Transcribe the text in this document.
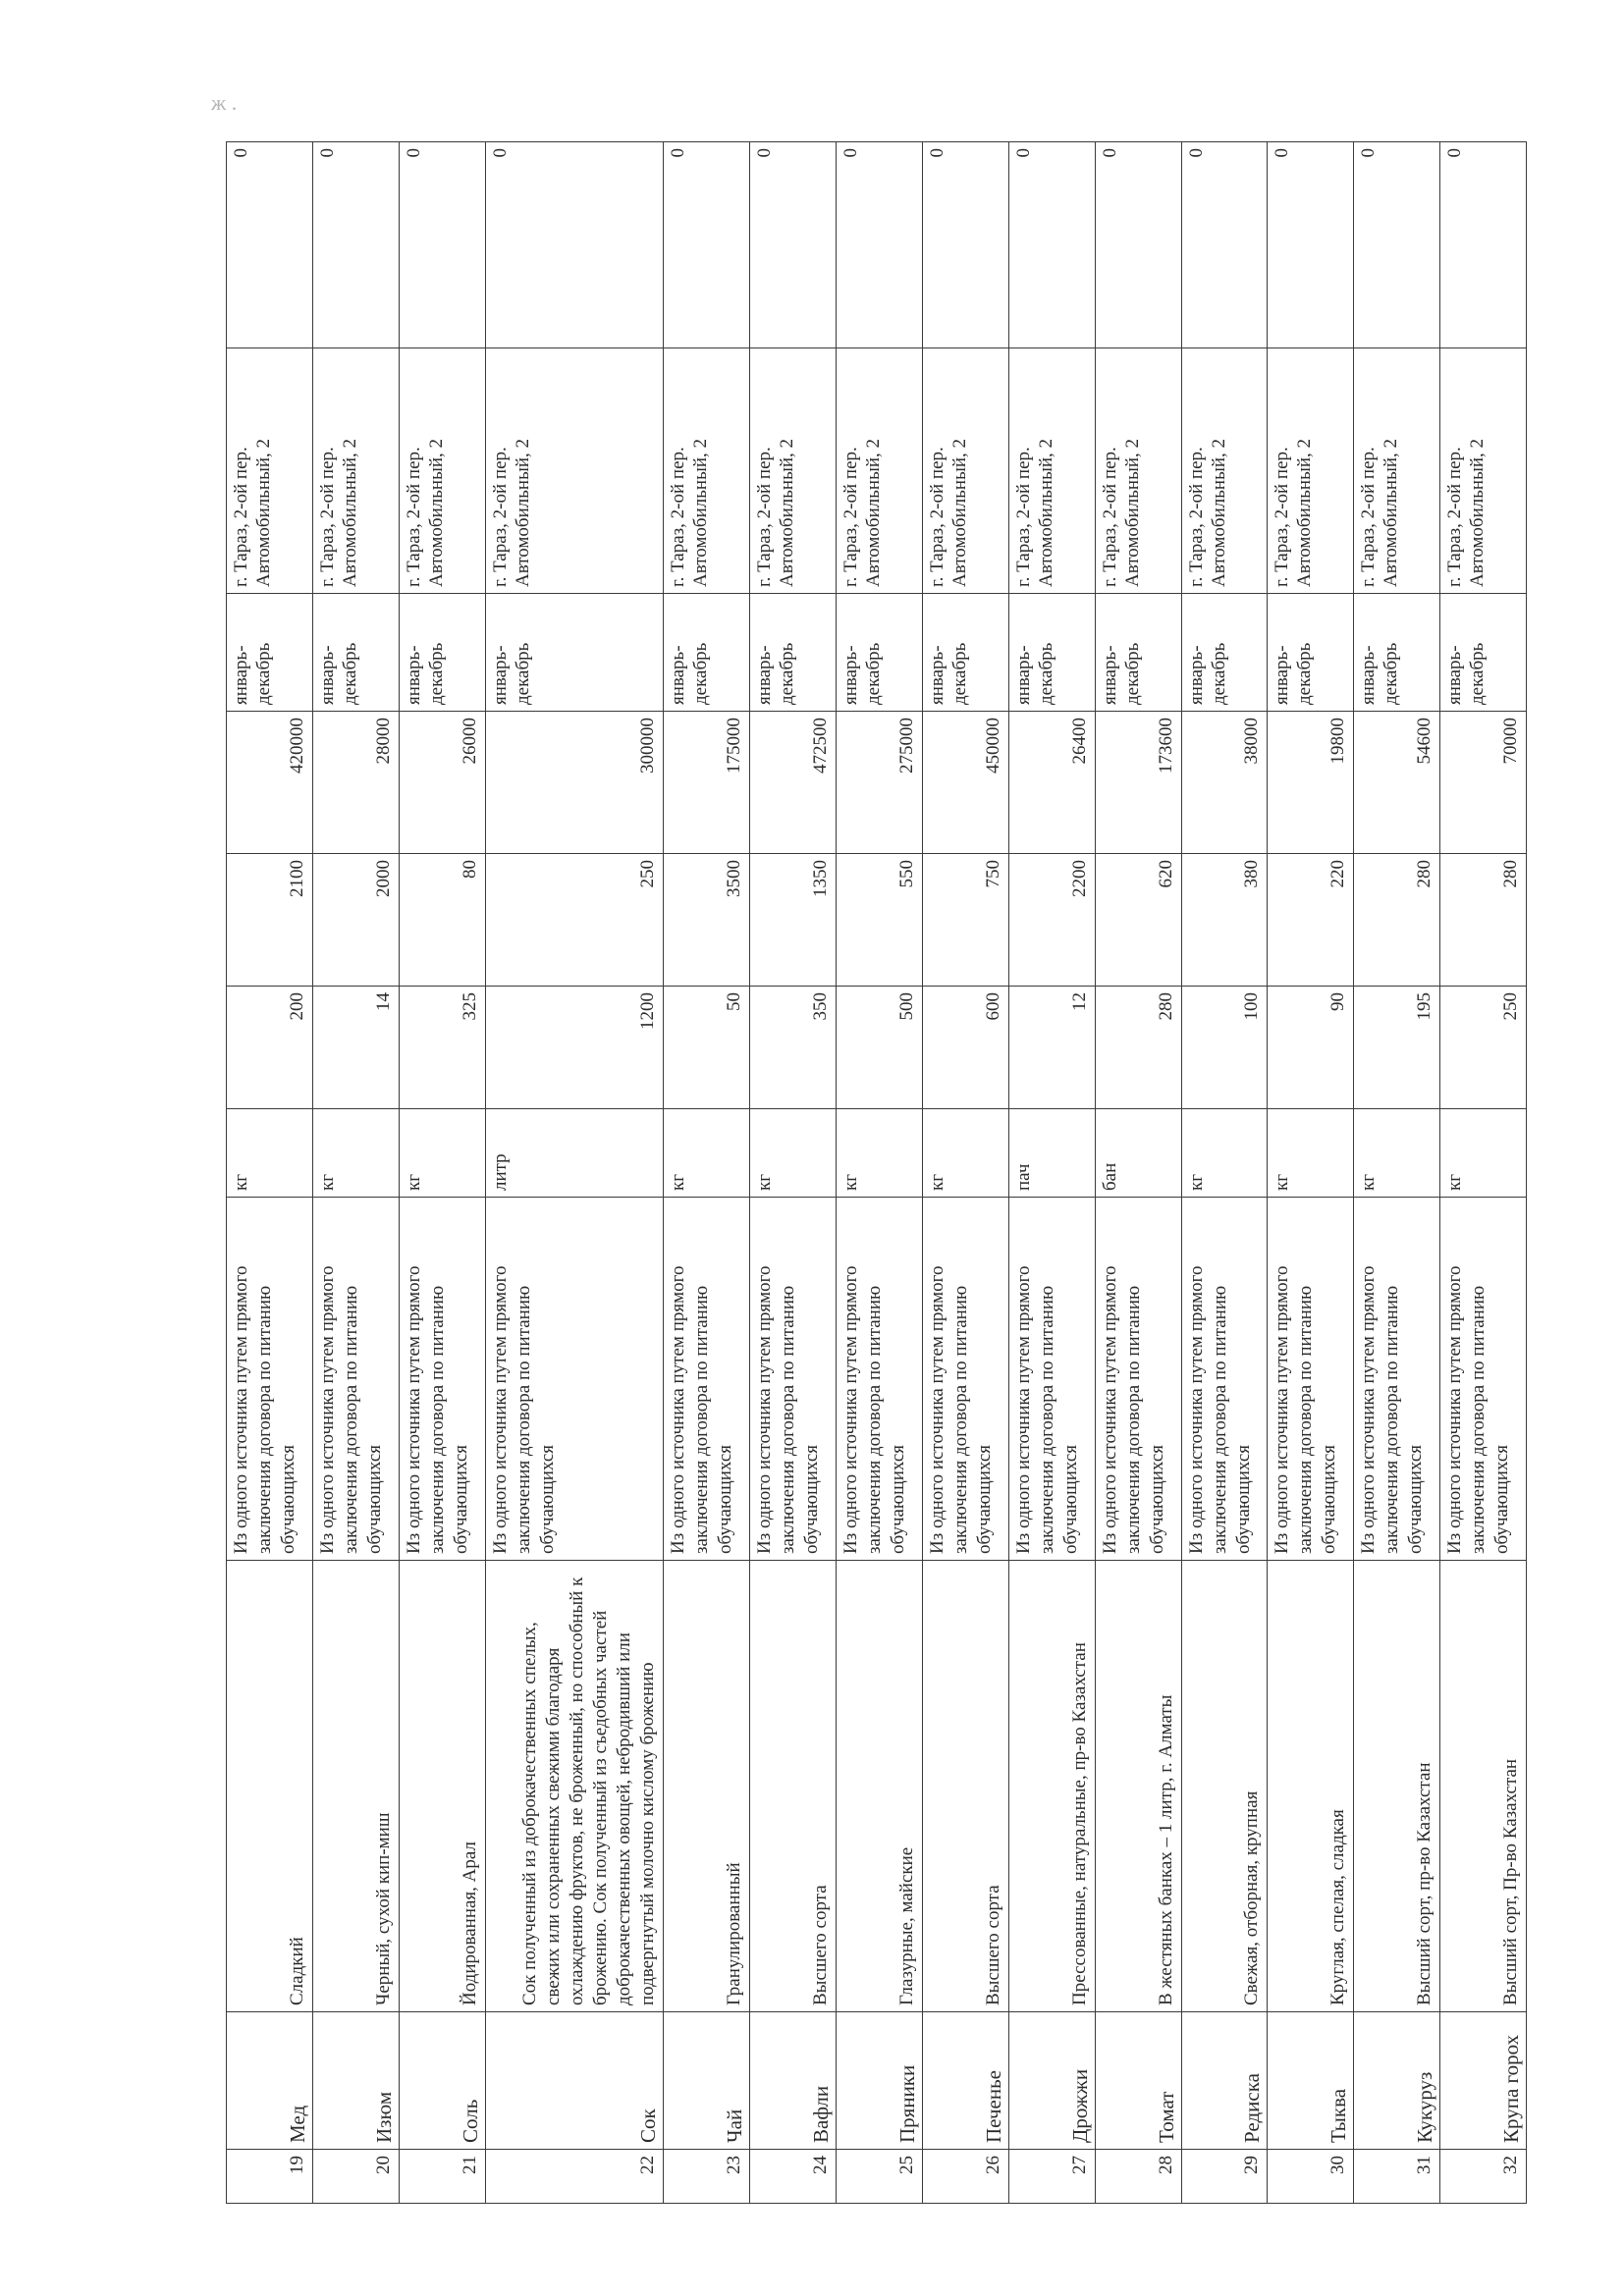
ж .
19	Мед	Сладкий	Из одного источника путем прямого заключения договора по питанию обучающихся	кг	200	2100	420000	январь-декабрь	г. Тараз, 2-ой пер. Автомобильный, 2	0
20	Изюм	Черный, сухой кип-миш	Из одного источника путем прямого заключения договора по питанию обучающихся	кг	14	2000	28000	январь-декабрь	г. Тараз, 2-ой пер. Автомобильный, 2	0
21	Соль	Йодированная, Арал	Из одного источника путем прямого заключения договора по питанию обучающихся	кг	325	80	26000	январь-декабрь	г. Тараз, 2-ой пер. Автомобильный, 2	0
22	Сок	Сок полученный из доброкачественных спелых, свежих или сохраненных свежими благодаря охлаждению фруктов, не броженный, но способный к брожению. Сок полученный из съедобных частей доброкачественных овощей, небродивший или подвергнутый молочно кислому брожению	Из одного источника путем прямого заключения договора по питанию обучающихся	литр	1200	250	300000	январь-декабрь	г. Тараз, 2-ой пер. Автомобильный, 2	0
23	Чай	Гранулированный	Из одного источника путем прямого заключения договора по питанию обучающихся	кг	50	3500	175000	январь-декабрь	г. Тараз, 2-ой пер. Автомобильный, 2	0
24	Вафли	Высшего сорта	Из одного источника путем прямого заключения договора по питанию обучающихся	кг	350	1350	472500	январь-декабрь	г. Тараз, 2-ой пер. Автомобильный, 2	0
25	Пряники	Глазурные, майские	Из одного источника путем прямого заключения договора по питанию обучающихся	кг	500	550	275000	январь-декабрь	г. Тараз, 2-ой пер. Автомобильный, 2	0
26	Печенье	Высшего сорта	Из одного источника путем прямого заключения договора по питанию обучающихся	кг	600	750	450000	январь-декабрь	г. Тараз, 2-ой пер. Автомобильный, 2	0
27	Дрожжи	Прессованные, натуральные, пр-во Казахстан	Из одного источника путем прямого заключения договора по питанию обучающихся	пач	12	2200	26400	январь-декабрь	г. Тараз, 2-ой пер. Автомобильный, 2	0
28	Томат	В жестяных банках – 1 литр, г. Алматы	Из одного источника путем прямого заключения договора по питанию обучающихся	бан	280	620	173600	январь-декабрь	г. Тараз, 2-ой пер. Автомобильный, 2	0
29	Редиска	Свежая, отборная, крупная	Из одного источника путем прямого заключения договора по питанию обучающихся	кг	100	380	38000	январь-декабрь	г. Тараз, 2-ой пер. Автомобильный, 2	0
30	Тыква	Круглая, спелая, сладкая	Из одного источника путем прямого заключения договора по питанию обучающихся	кг	90	220	19800	январь-декабрь	г. Тараз, 2-ой пер. Автомобильный, 2	0
31	Кукуруз	Высший сорт, пр-во Казахстан	Из одного источника путем прямого заключения договора по питанию обучающихся	кг	195	280	54600	январь-декабрь	г. Тараз, 2-ой пер. Автомобильный, 2	0
32	Крупа горох	Высший сорт, Пр-во Казахстан	Из одного источника путем прямого заключения договора по питанию обучающихся	кг	250	280	70000	январь-декабрь	г. Тараз, 2-ой пер. Автомобильный, 2	0
